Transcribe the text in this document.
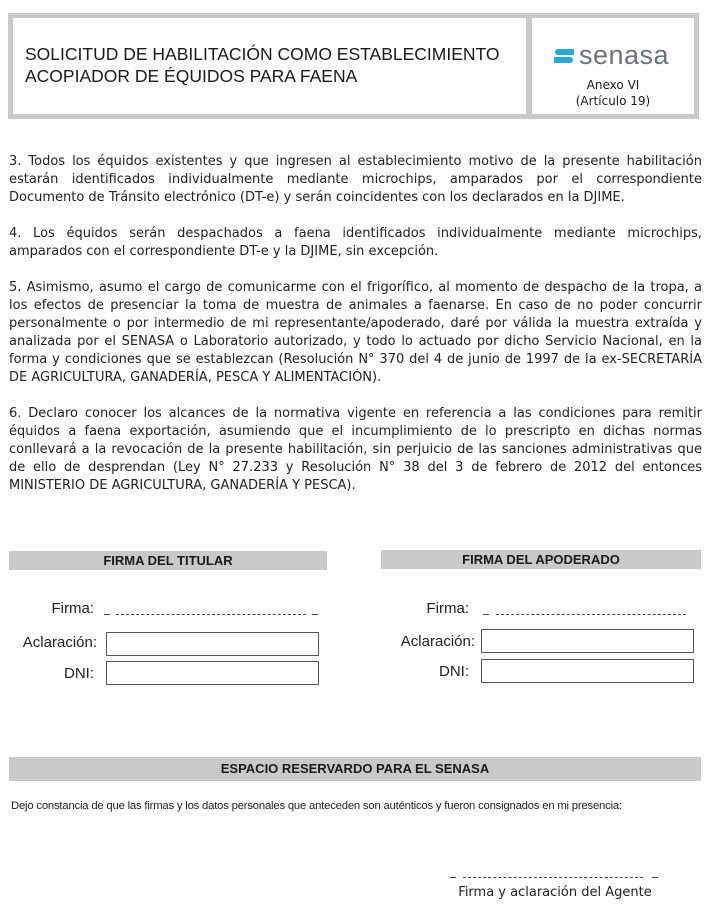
SOLICITUD DE HABILITACIÓN COMO ESTABLECIMIENTO
ACOPIADOR DE ÉQUIDOS PARA FAENA
senasa
Anexo VI
(Artículo 19)
3. Todos los équidos existentes y que ingresen al establecimiento motivo de la presente habilitación estarán identificados individualmente mediante microchips, amparados por el correspondiente Documento de Tránsito electrónico (DT-e) y serán coincidentes con los declarados en la DJIME.
4. Los équidos serán despachados a faena identificados individualmente mediante microchips, amparados con el correspondiente DT-e y la DJIME, sin excepción.
5. Asimismo, asumo el cargo de comunicarme con el frigorífico, al momento de despacho de la tropa, a los efectos de presenciar la toma de muestra de animales a faenarse. En caso de no poder concurrir personalmente o por intermedio de mi representante/apoderado, daré por válida la muestra extraída y analizada por el SENASA o Laboratorio autorizado, y todo lo actuado por dicho Servicio Nacional, en la forma y condiciones que se establezcan (Resolución N° 370 del 4 de junio de 1997 de la ex-SECRETARÍA DE AGRICULTURA, GANADERÍA, PESCA Y ALIMENTACIÓN).
6. Declaro conocer los alcances de la normativa vigente en referencia a las condiciones para remitir équidos a faena exportación, asumiendo que el incumplimiento de lo prescripto en dichas normas conllevará a la revocación de la presente habilitación, sin perjuicio de las sanciones administrativas que de ello de desprendan (Ley N° 27.233 y Resolución N° 38 del 3 de febrero de 2012 del entonces MINISTERIO DE AGRICULTURA, GANADERÍA Y PESCA).
FIRMA DEL TITULAR
Firma:
Aclaración:
DNI:
FIRMA DEL APODERADO
Firma:
Aclaración:
DNI:
ESPACIO RESERVARDO PARA EL SENASA
Dejo constancia de que las firmas y los datos personales que anteceden son auténticos y fueron consignados en mi presencia:
Firma y aclaración del Agente
